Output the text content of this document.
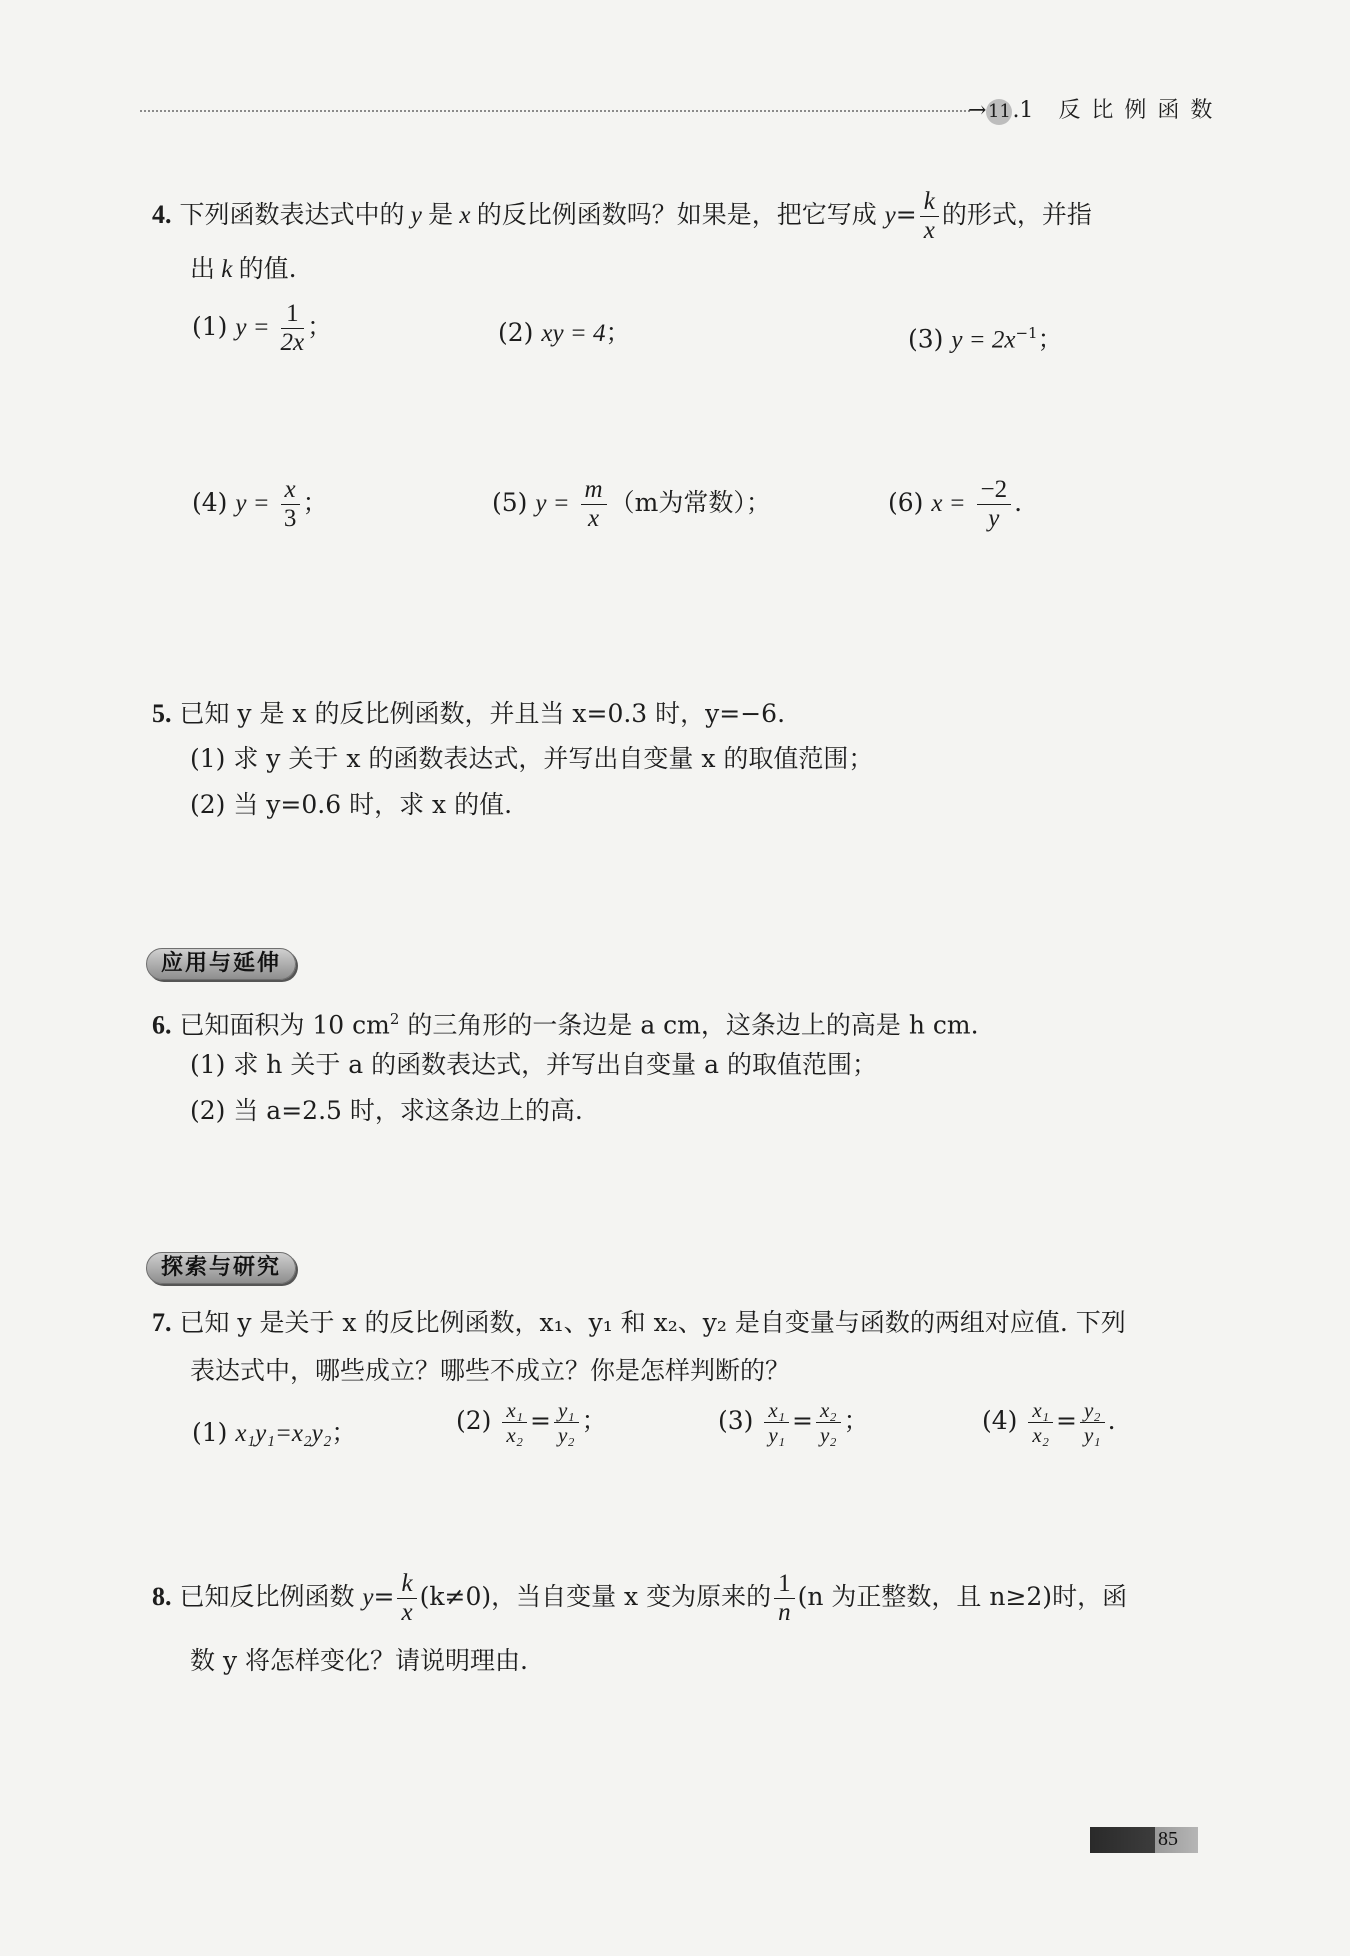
→11.1 反 比 例 函 数
4. 下列函数表达式中的 y 是 x 的反比例函数吗？如果是，把它写成 $y= \frac{k}{x}$ 的形式，并指
出 k 的值.
(1) $y = \frac{1}{2x}$ ；	(2) xy = 4；	(3) $y = 2x^{-1}$；
(4) $y = \frac{x}{3}$ ；	(5) $y = \frac{m}{x} (m$为常数）；	(6) $x = \frac{-2}{y}$ .
5. 已知 y 是 x 的反比例函数，并且当 x=0.3 时，y=−6.
(1) 求 y 关于 x 的函数表达式，并写出自变量 x 的取值范围；
(2) 当 y=0.6 时，求 x 的值.
应用与延伸
6. 已知面积为 10 $cm^2$ 的三角形的一条边是 a cm，这条边上的高是 h cm.
(1) 求 h 关于 a 的函数表达式，并写出自变量 a 的取值范围；
(2) 当 a=2.5 时，求这条边上的高.
探索与研究
7. 已知 y 是关于 x 的反比例函数，x₁、y₁ 和 x₂、y₂ 是自变量与函数的两组对应值. 下列
表达式中，哪些成立？哪些不成立？你是怎样判断的？
(1) x₁y₁=x₂y₂；	$(2) \frac{\text{x₁}}{\text{x₂}} = \frac{\text{y₁}}{\text{y₂}}$ ；	$(3) \frac{\text{x₁}}{\text{y₁}} = \frac{\text{x₂}}{\text{y₂}}$ ；	$(4) \frac{\text{x₁}}{\text{x₂}} = \frac{\text{y₂}}{\text{y₁}}$ .
8. 已知反比例函数 $y= \frac{k}{x} (k\ne 0)$，当自变量 x 变为原来的 $\frac{1}{n} (n$ 为正整数，且 n≥2)时，函
数 y 将怎样变化？请说明理由.
85
